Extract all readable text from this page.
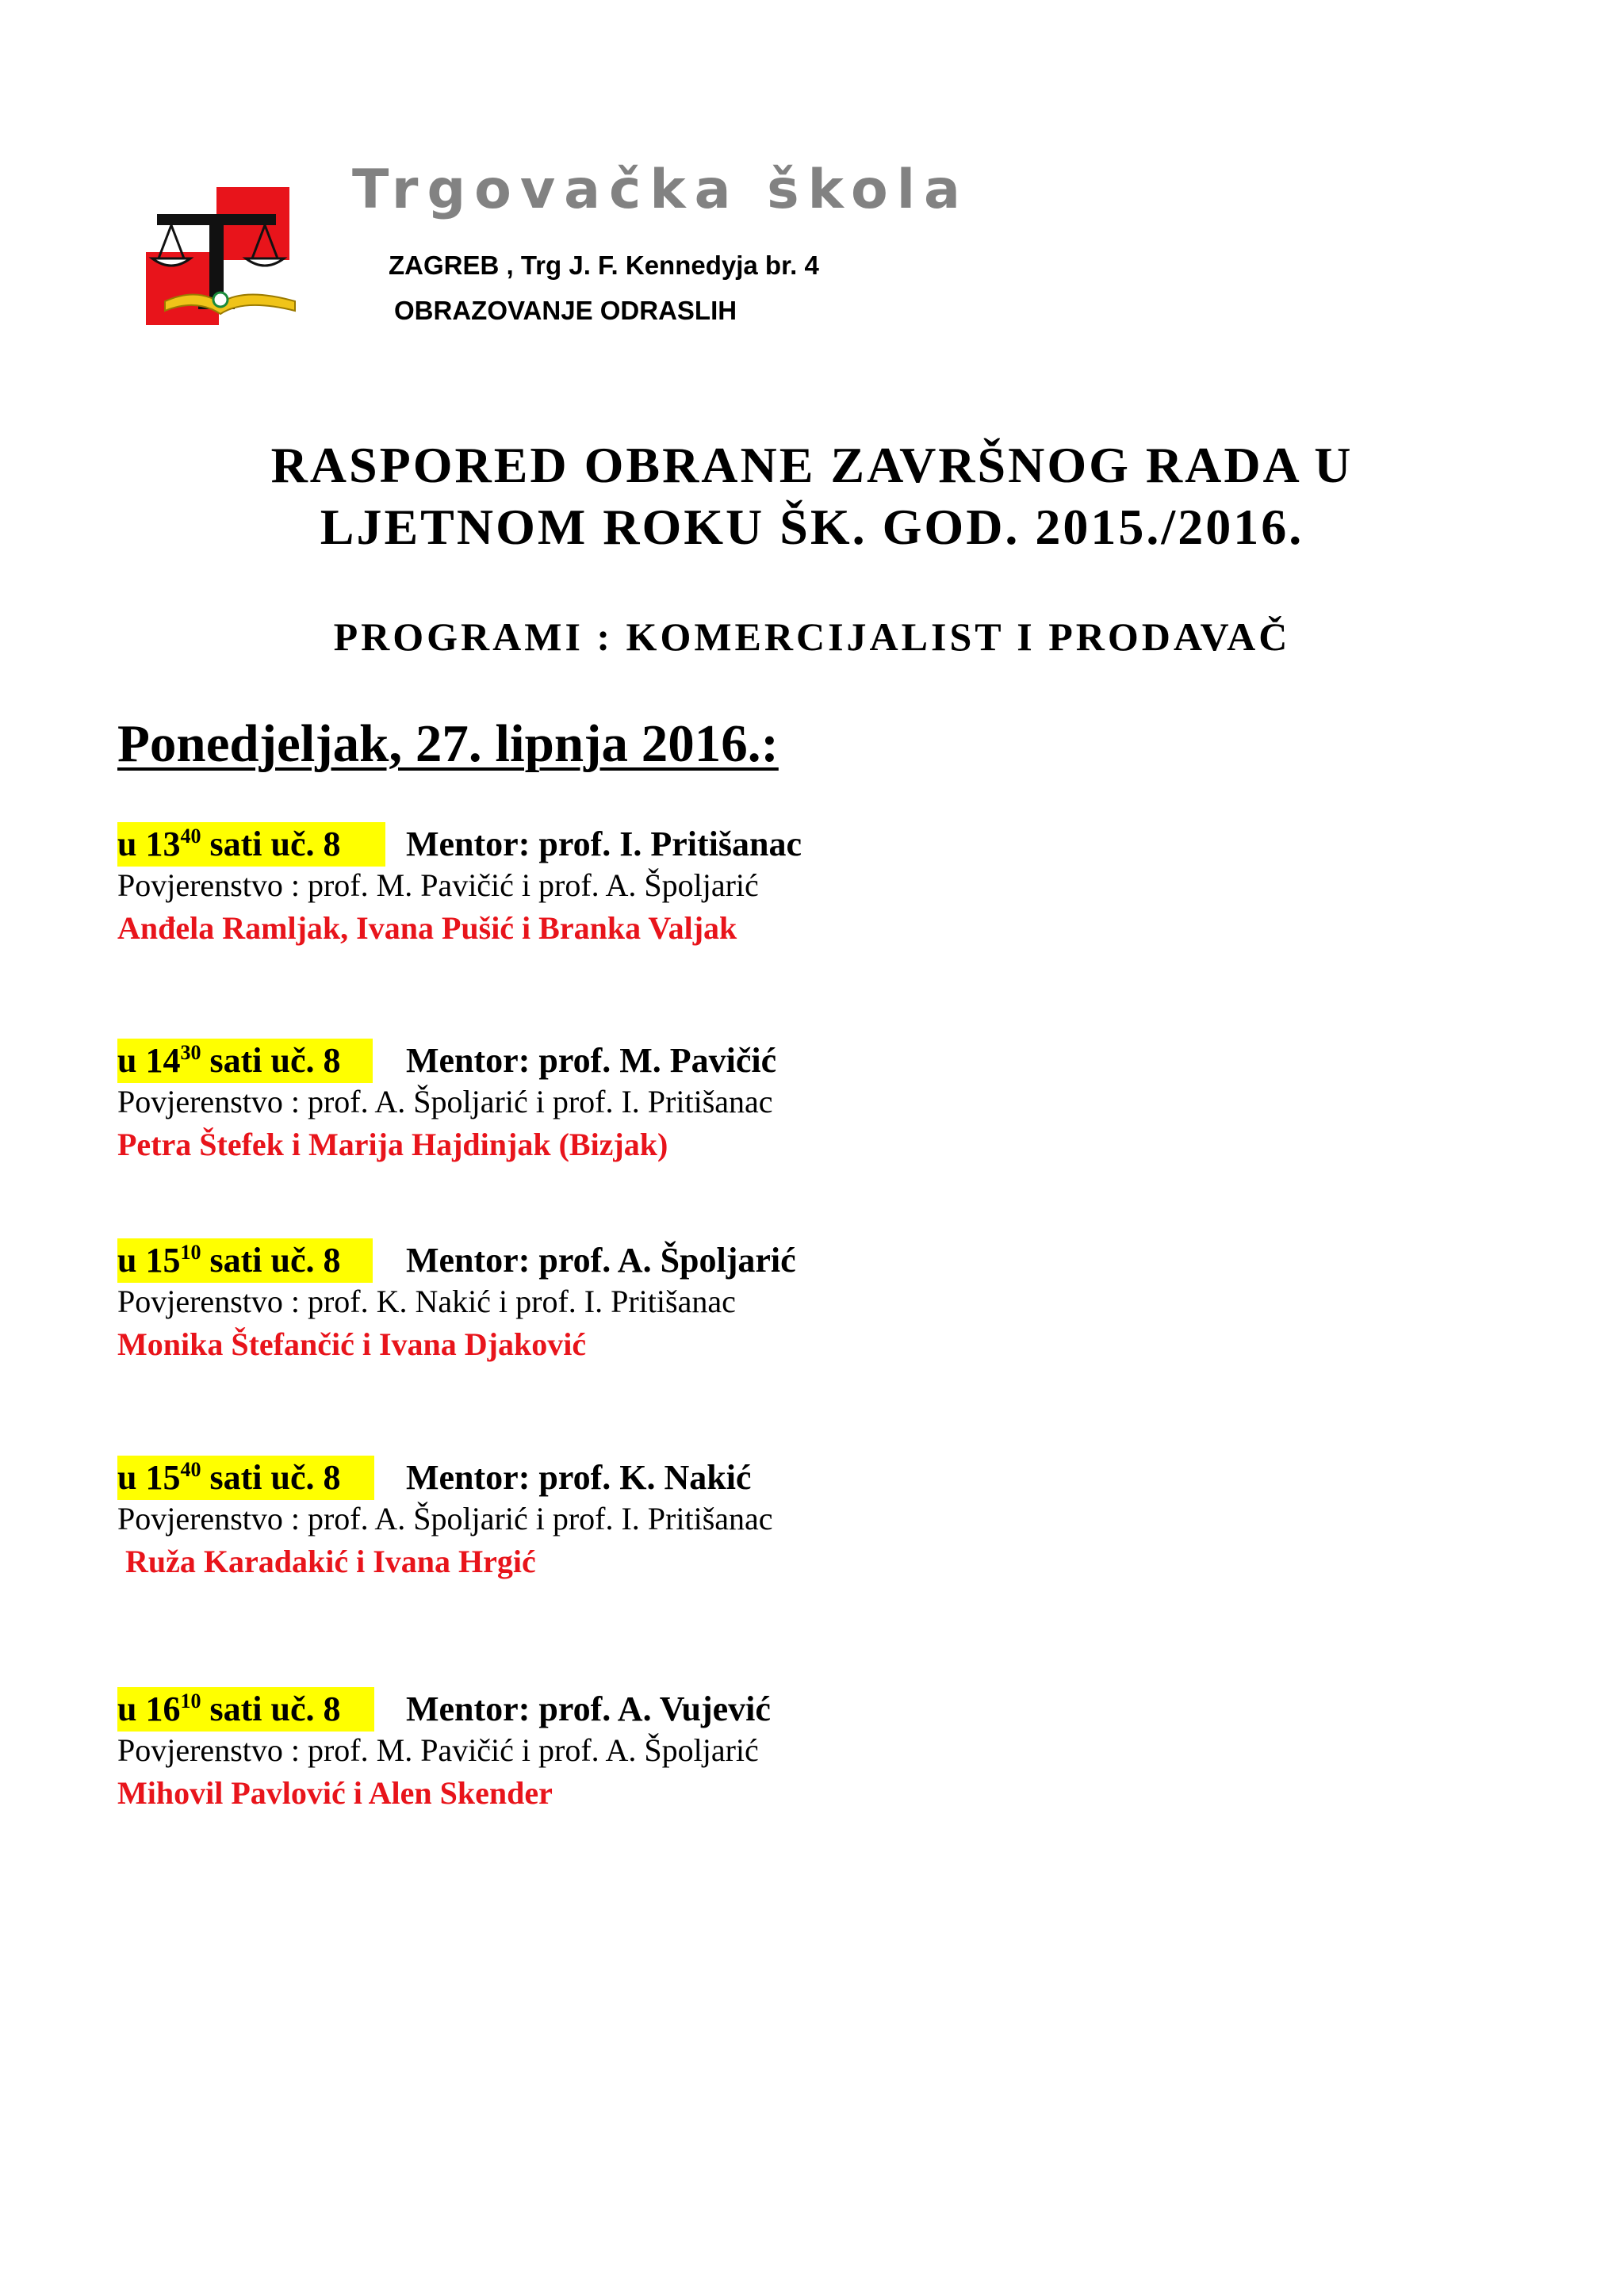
Trgovačka škola
ZAGREB , Trg J. F. Kennedyja br. 4
OBRAZOVANJE ODRASLIH
RASPORED OBRANE ZAVRŠNOG RADA U
LJETNOM ROKU ŠK. GOD. 2015./2016.
PROGRAMI : KOMERCIJALIST I PRODAVAČ
Ponedjeljak, 27. lipnja 2016.:
u $13^{40}$ sati uč. 8	Mentor: prof. I. Pritišanac
Povjerenstvo : prof. M. Pavičić i prof. A. Špoljarić
Anđela Ramljak, Ivana Pušić i Branka Valjak
u $14^{30}$ sati uč. 8	Mentor: prof. M. Pavičić
Povjerenstvo : prof. A. Špoljarić i prof. I. Pritišanac
Petra Štefek i Marija Hajdinjak (Bizjak)
u $15^{10}$ sati uč. 8	Mentor: prof. A. Špoljarić
Povjerenstvo : prof. K. Nakić i prof. I. Pritišanac
Monika Štefančić i Ivana Djaković
u $15^{40}$ sati uč. 8	Mentor: prof. K. Nakić
Povjerenstvo : prof. A. Špoljarić i prof. I. Pritišanac
Ruža Karadakić i Ivana Hrgić
u $16^{10}$ sati uč. 8	Mentor: prof. A. Vujević
Povjerenstvo : prof. M. Pavičić i prof. A. Špoljarić
Mihovil Pavlović i Alen Skender
